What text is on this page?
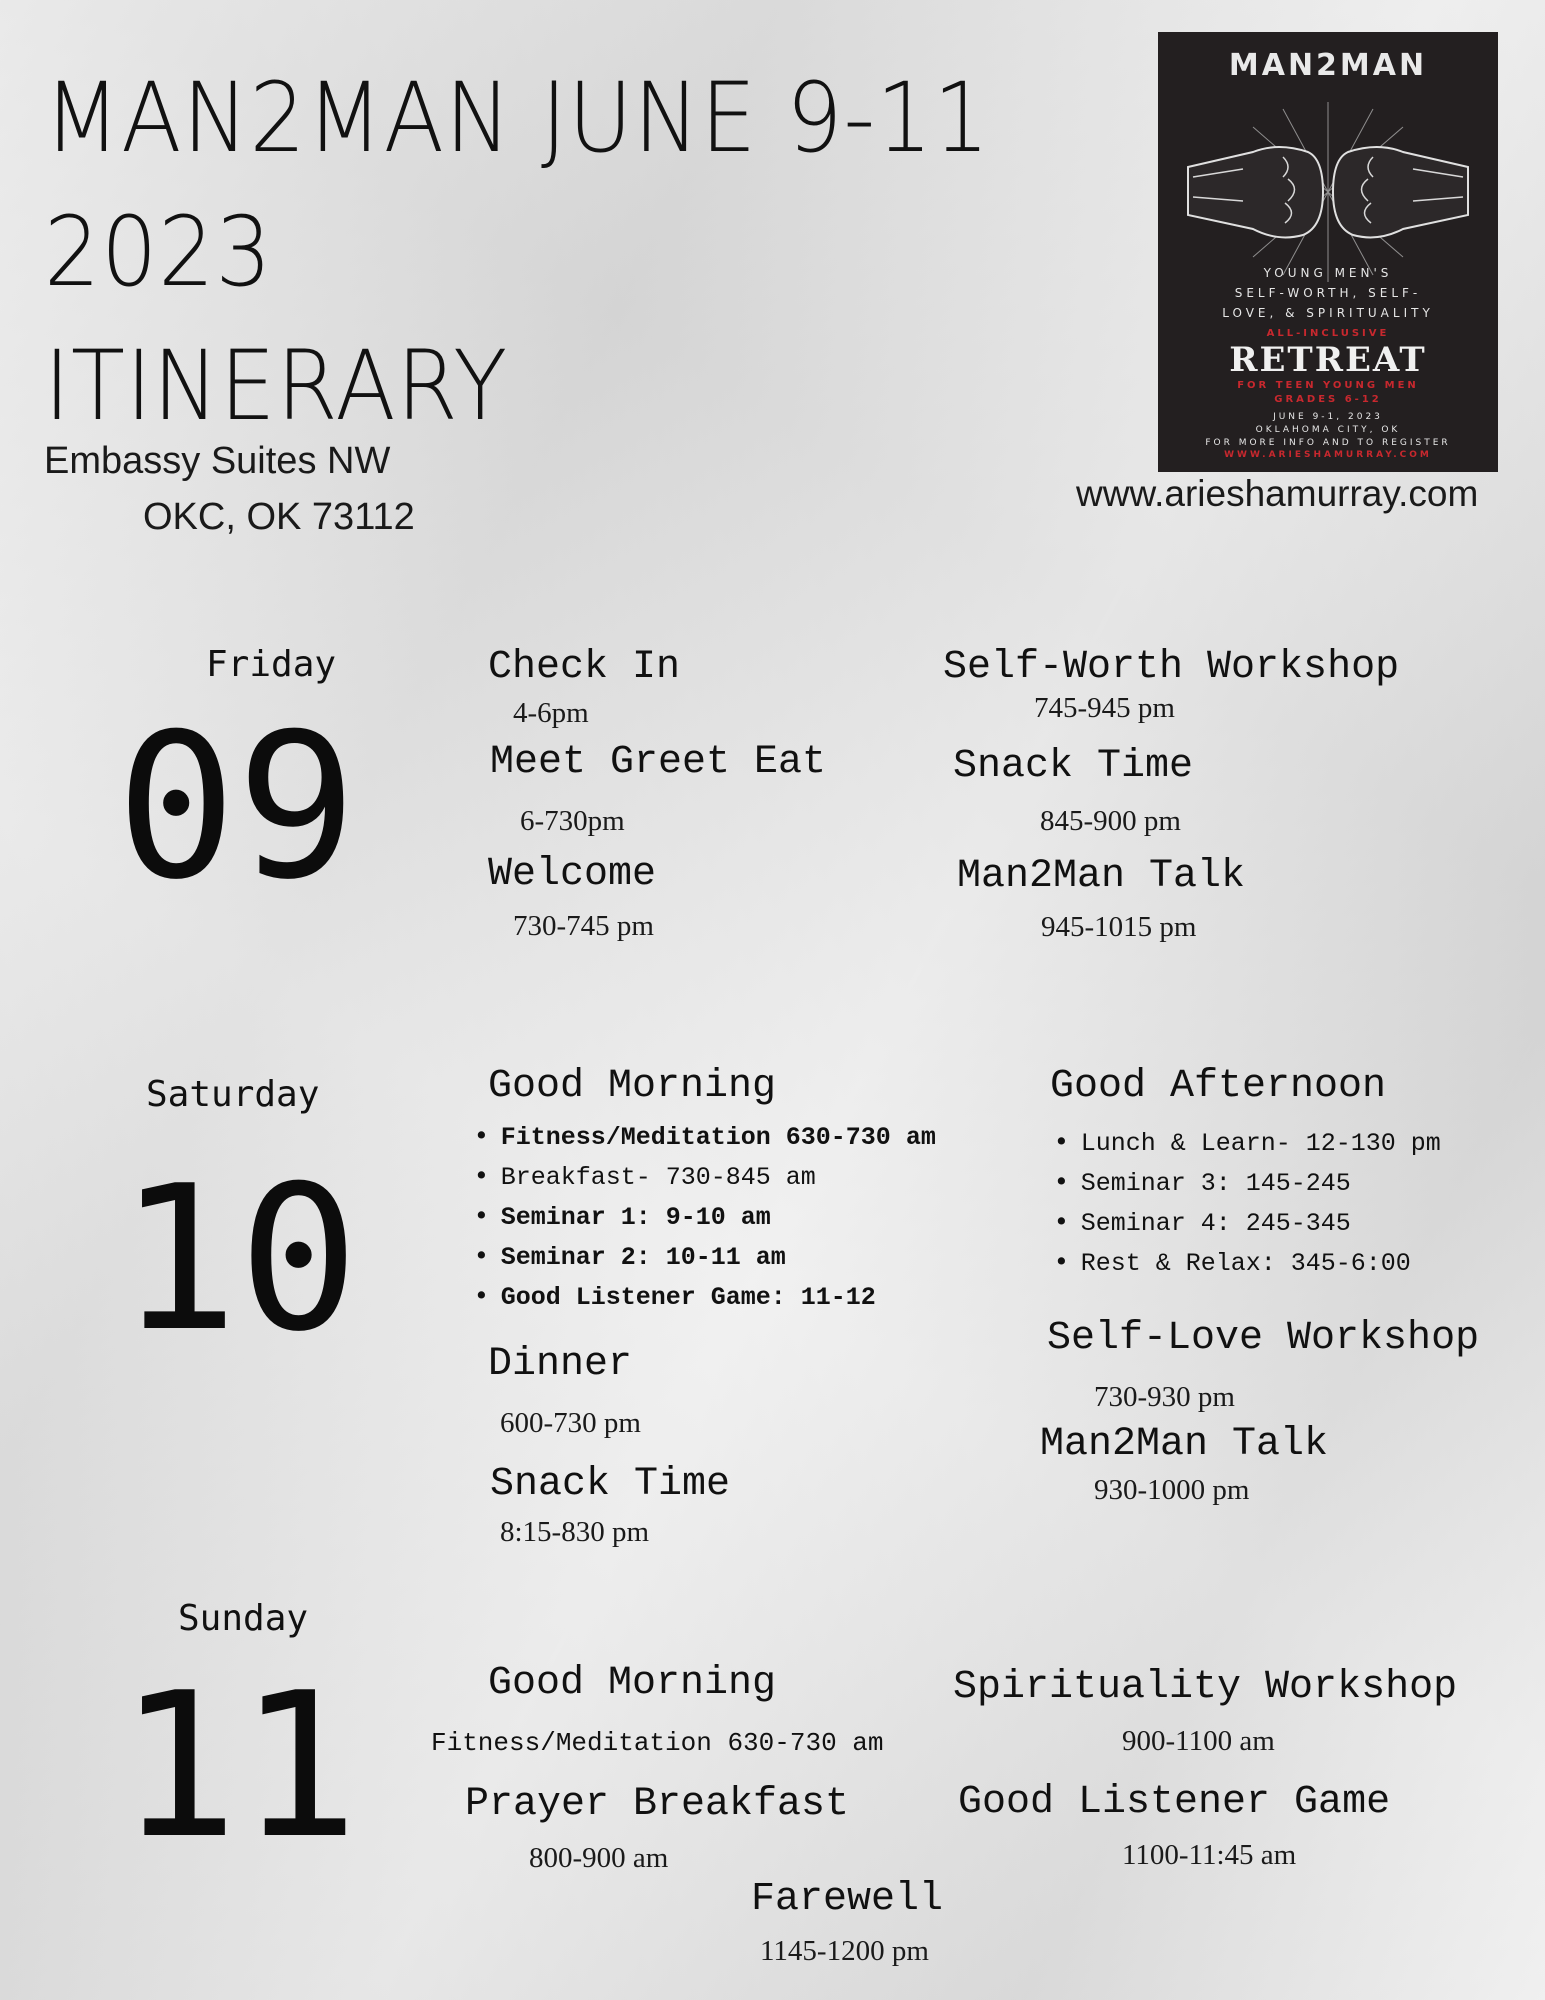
MAN2MAN JUNE 9-11
2023
ITINERARY
Embassy Suites NW
OKC, OK 73112
www.arieshamurray.com
MAN2MAN
YOUNG MEN'S
SELF-WORTH, SELF-
LOVE, & SPIRITUALITY
ALL-INCLUSIVE
RETREAT
FOR TEEN YOUNG MEN
GRADES 6-12
JUNE 9-1, 2023
OKLAHOMA CITY, OK
FOR MORE INFO AND TO REGISTER
WWW.ARIESHAMURRAY.COM
Friday
09
Check In
4-6pm
Meet Greet Eat
6-730pm
Welcome
730-745 pm
Self-Worth Workshop
745-945 pm
Snack Time
845-900 pm
Man2Man Talk
945-1015 pm
Saturday
10
Good Morning
• Fitness/Meditation 630-730 am
• Breakfast- 730-845 am
• Seminar 1: 9-10 am
• Seminar 2: 10-11 am
• Good Listener Game: 11-12
Dinner
600-730 pm
Snack Time
8:15-830 pm
Good Afternoon
• Lunch & Learn- 12-130 pm
• Seminar 3: 145-245
• Seminar 4: 245-345
• Rest & Relax: 345-6:00
Self-Love Workshop
730-930 pm
Man2Man Talk
930-1000 pm
Sunday
11	Good Morning
Fitness/Meditation 630-730 am
Prayer Breakfast
800-900 am
Spirituality Workshop
900-1100 am
Good Listener Game
1100-11:45 am
Farewell
1145-1200 pm
